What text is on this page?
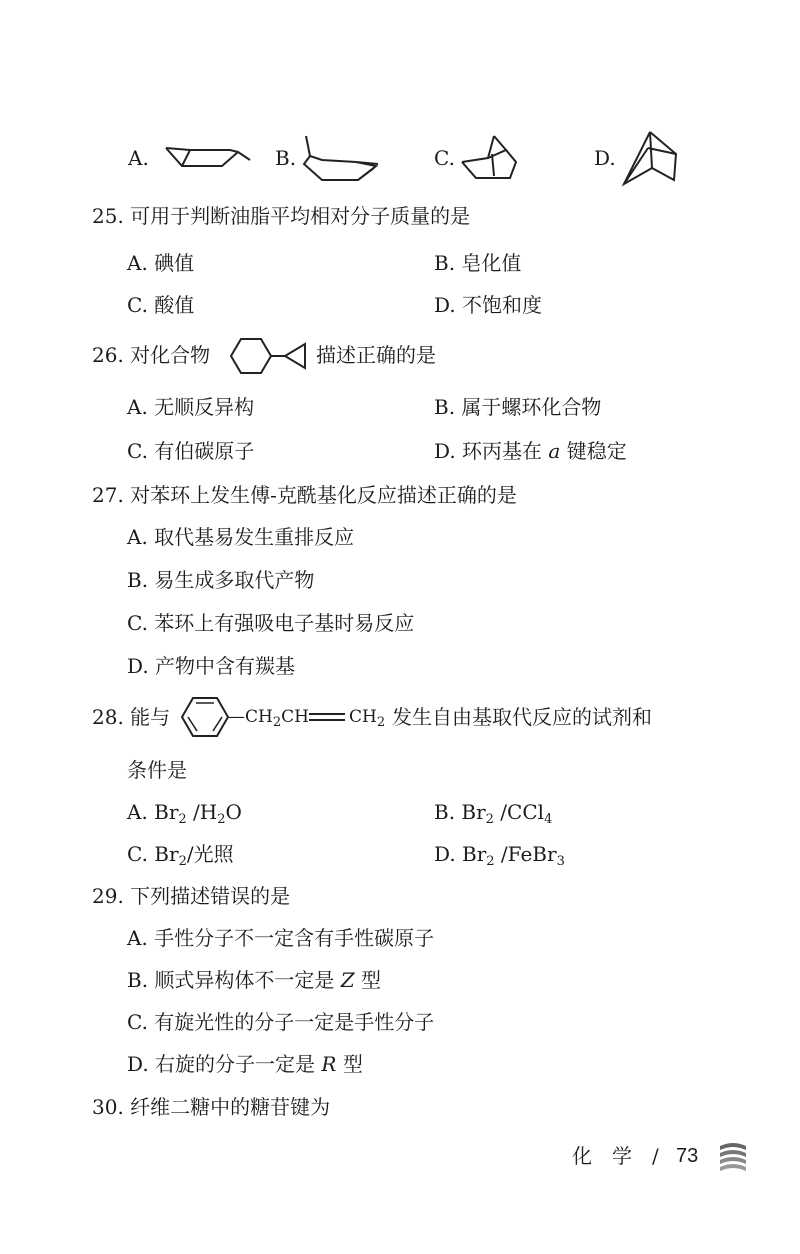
A.	B.	C.	D.
25. 可用于判断油脂平均相对分子质量的是
A. 碘值	B. 皂化值
C. 酸值	D. 不饱和度
26. 对化合物	描述正确的是
A. 无顺反异构	B. 属于螺环化合物
C. 有伯碳原子	D. 环丙基在 a 键稳定
27. 对苯环上发生傅-克酰基化反应描述正确的是
A. 取代基易发生重排反应
B. 易生成多取代产物
C. 苯环上有强吸电子基时易反应
D. 产物中含有羰基
28. 能与	$—CH_2CH$ $CH_2$ 发生自由基取代反应的试剂和
条件是
A. $Br_2$ $/H_2O$	B. $Br_2$ /CCl$_4$
C. $Br_2/$光照	D. $Br_2$ /FeBr$_3$
29. 下列描述错误的是
A. 手性分子不一定含有手性碳原子
B. 顺式异构体不一定是 Z 型
C. 有旋光性的分子一定是手性分子
D. 右旋的分子一定是 R 型
30. 纤维二糖中的糖苷键为
化　学 / 73
